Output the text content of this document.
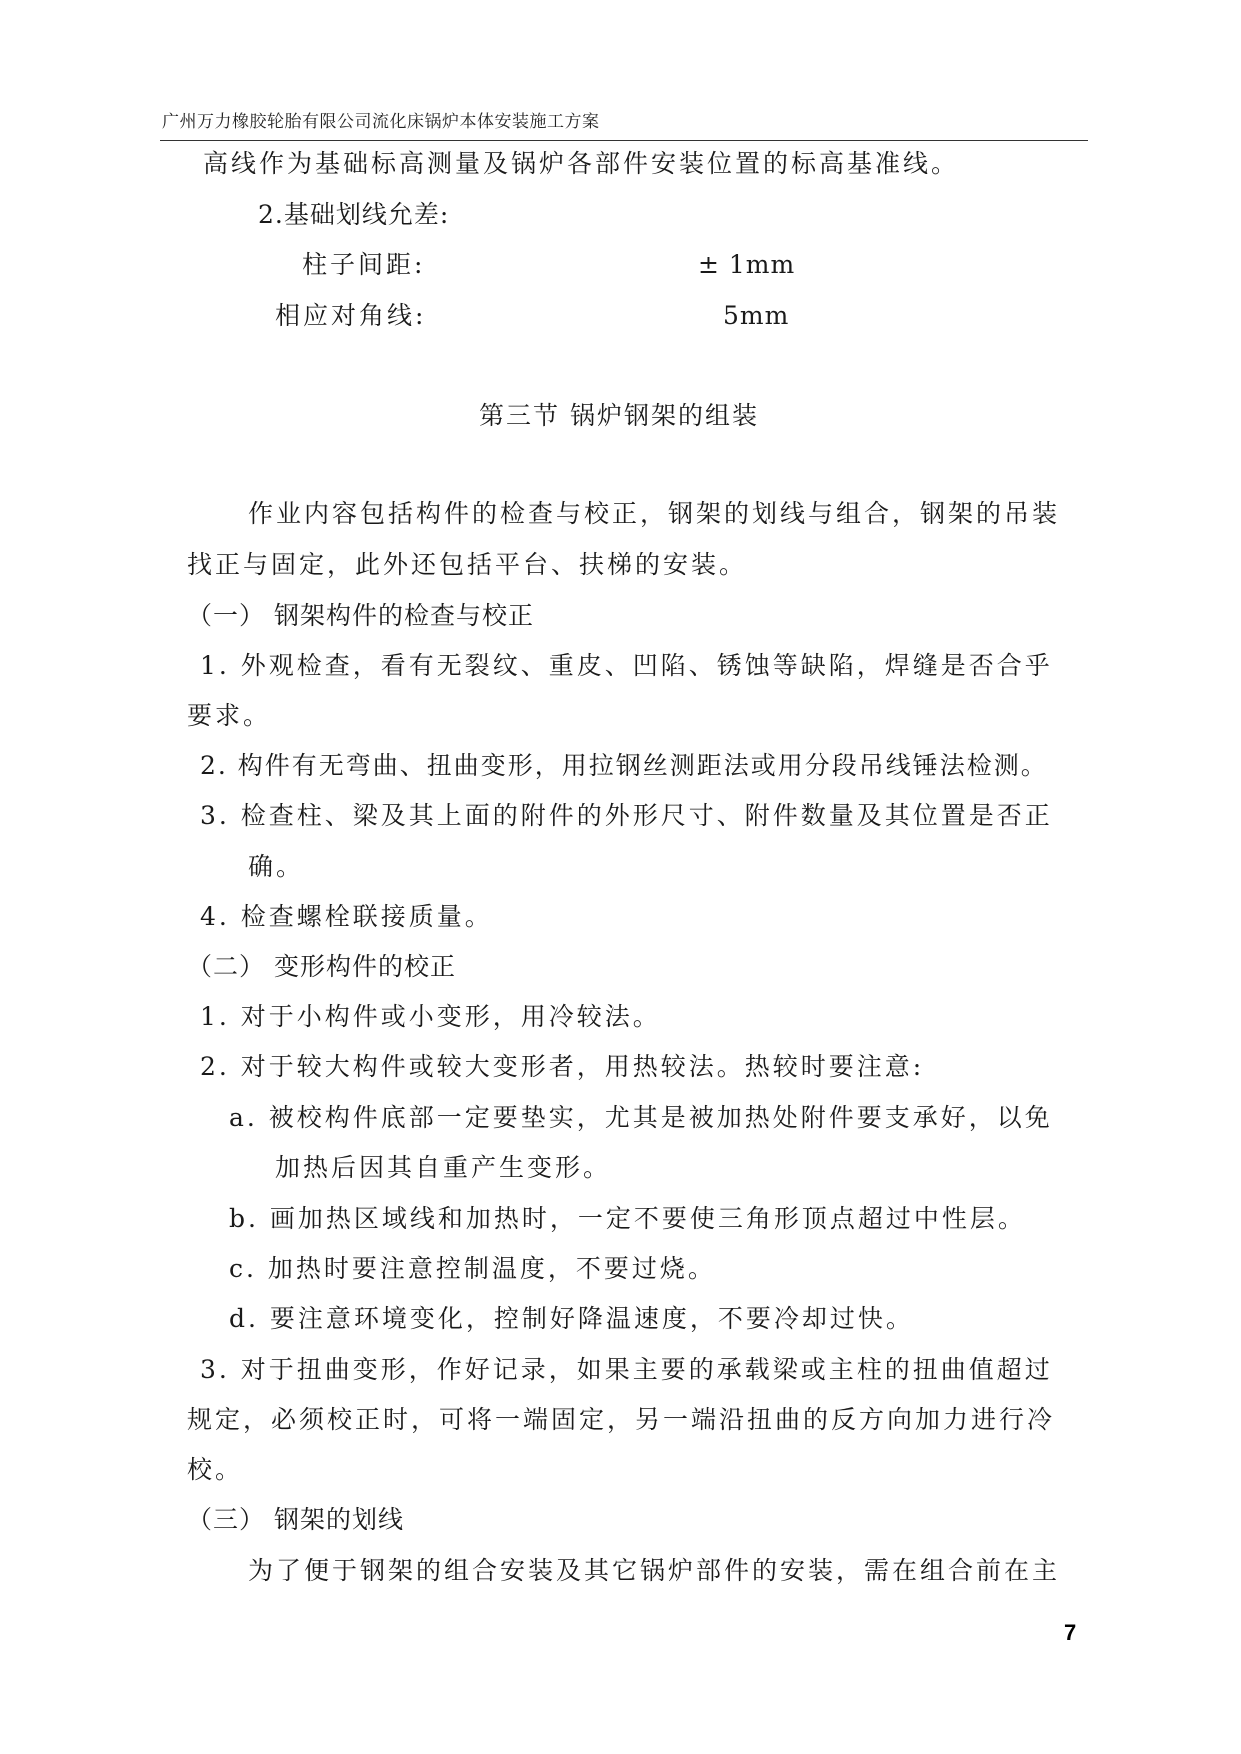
广州万力橡胶轮胎有限公司流化床锅炉本体安装施工方案
高线作为基础标高测量及锅炉各部件安装位置的标高基准线。
2.基础划线允差:
柱子间距:	± 1mm
相应对角线:	5mm
第三节 锅炉钢架的组装
作业内容包括构件的检查与校正，钢架的划线与组合，钢架的吊装
找正与固定，此外还包括平台、扶梯的安装。
（一） 钢架构件的检查与校正
1. 外观检查，看有无裂纹、重皮、凹陷、锈蚀等缺陷，焊缝是否合乎
要求。
2. 构件有无弯曲、扭曲变形，用拉钢丝测距法或用分段吊线锤法检测。
3. 检查柱、梁及其上面的附件的外形尺寸、附件数量及其位置是否正
确。
4. 检查螺栓联接质量。
（二） 变形构件的校正
1. 对于小构件或小变形，用冷较法。
2. 对于较大构件或较大变形者，用热较法。热较时要注意:
a. 被校构件底部一定要垫实，尤其是被加热处附件要支承好，以免
加热后因其自重产生变形。
b. 画加热区域线和加热时，一定不要使三角形顶点超过中性层。
c. 加热时要注意控制温度，不要过烧。
d. 要注意环境变化，控制好降温速度，不要冷却过快。
3. 对于扭曲变形，作好记录，如果主要的承载梁或主柱的扭曲值超过
规定，必须校正时，可将一端固定，另一端沿扭曲的反方向加力进行冷
校。
（三） 钢架的划线
为了便于钢架的组合安装及其它锅炉部件的安装，需在组合前在主
7
